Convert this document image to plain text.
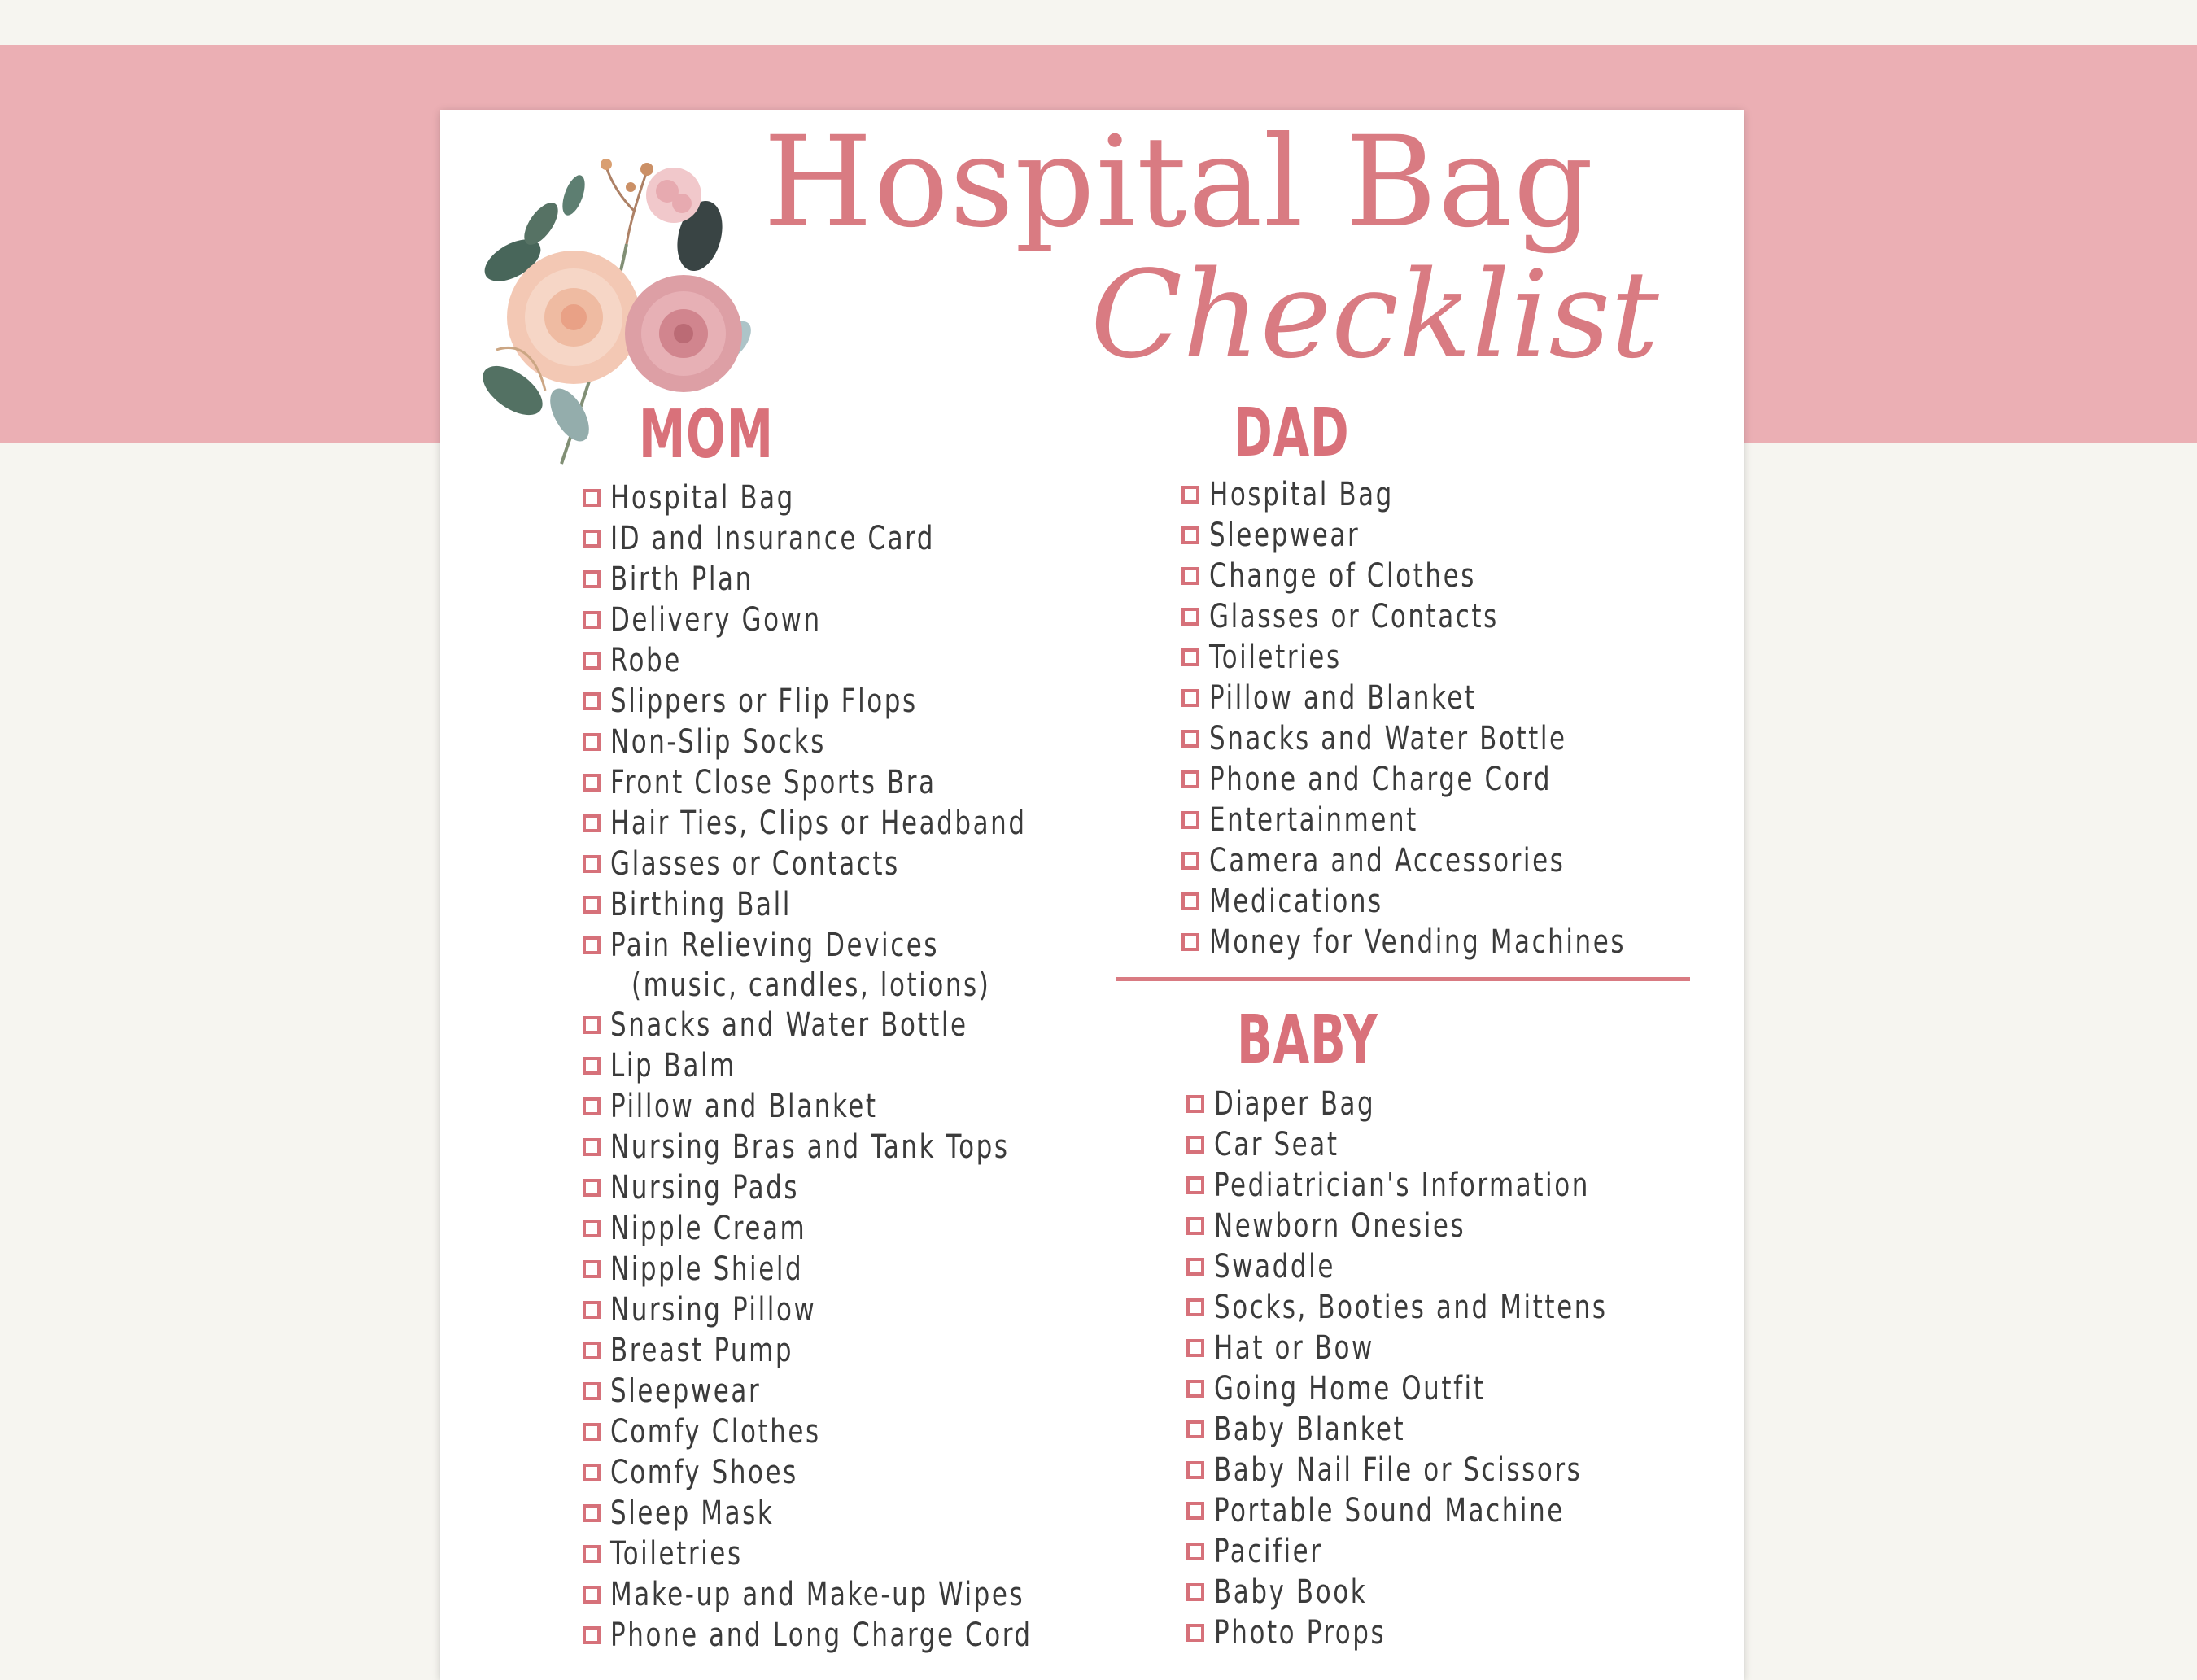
Hospital Bag
Checklist
MOM
Hospital Bag
ID and Insurance Card
Birth Plan
Delivery Gown
Robe
Slippers or Flip Flops
Non-Slip Socks
Front Close Sports Bra
Hair Ties, Clips or Headband
Glasses or Contacts
Birthing Ball
Pain Relieving Devices
(music, candles, lotions)
Snacks and Water Bottle
Lip Balm
Pillow and Blanket
Nursing Bras and Tank Tops
Nursing Pads
Nipple Cream
Nipple Shield
Nursing Pillow
Breast Pump
Sleepwear
Comfy Clothes
Comfy Shoes
Sleep Mask
Toiletries
Make-up and Make-up Wipes
Phone and Long Charge Cord
DAD
Hospital Bag
Sleepwear
Change of Clothes
Glasses or Contacts
Toiletries
Pillow and Blanket
Snacks and Water Bottle
Phone and Charge Cord
Entertainment
Camera and Accessories
Medications
Money for Vending Machines
BABY
Diaper Bag
Car Seat
Pediatrician's Information
Newborn Onesies
Swaddle
Socks, Booties and Mittens
Hat or Bow
Going Home Outfit
Baby Blanket
Baby Nail File or Scissors
Portable Sound Machine
Pacifier
Baby Book
Photo Props
